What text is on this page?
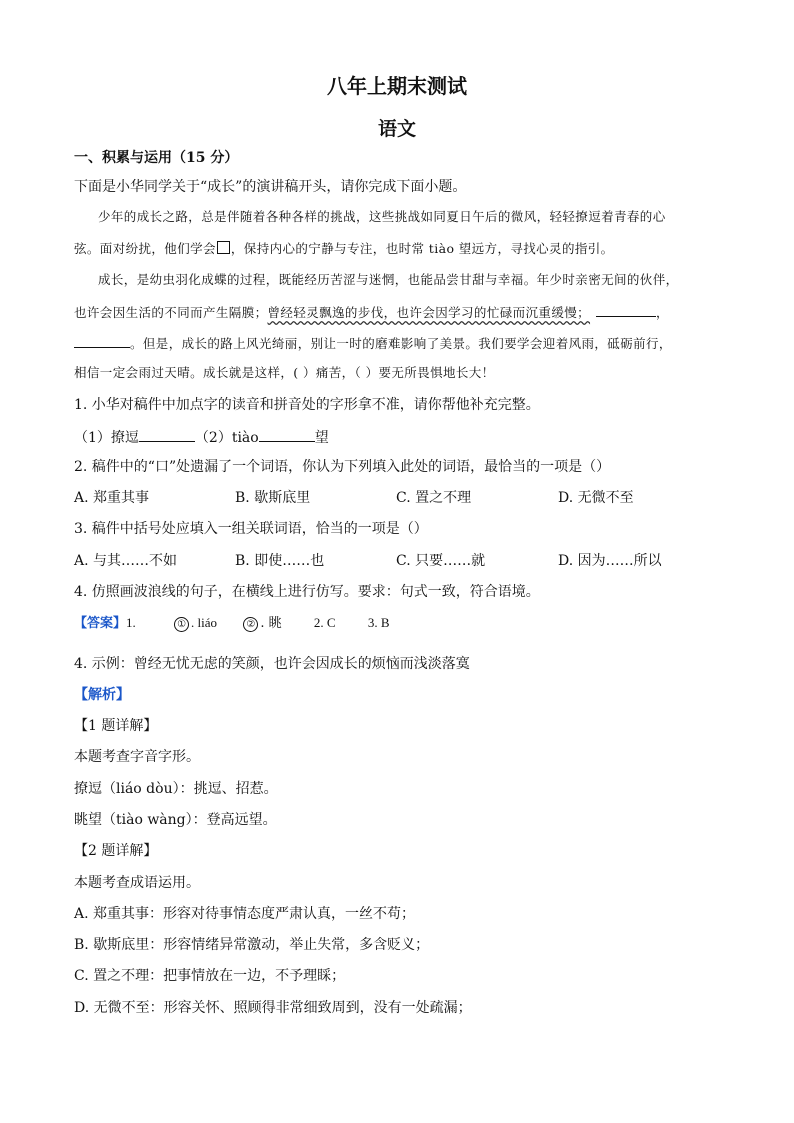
八年上期末测试
语文
一、积累与运用（15 分）
下面是小华同学关于“成长”的演讲稿开头，请你完成下面小题。
少年的成长之路，总是伴随着各种各样的挑战，这些挑战如同夏日午后的微风，轻轻撩逗着青春的心
弦。面对纷扰，他们学会 ，保持内心的宁静与专注，也时常 tiào 望远方，寻找心灵的指引。
成长，是幼虫羽化成蝶的过程，既能经历苦涩与迷惘，也能品尝甘甜与幸福。年少时亲密无间的伙伴，
也许会因生活的不同而产生隔膜；曾经轻灵飘逸的步伐，也许会因学习的忙碌而沉重缓慢；	，
。但是，成长的路上风光绮丽，别让一时的磨难影响了美景。我们要学会迎着风雨，砥砺前行，
相信一定会雨过天晴。成长就是这样，( ）痛苦，（ ）要无所畏惧地长大！
1. 小华对稿件中加点字的读音和拼音处的字形拿不准，请你帮他补充完整。
（1）撩逗	（2）tiào	望
2. 稿件中的“口”处遗漏了一个词语，你认为下列填入此处的词语，最恰当的一项是（）
A. 郑重其事	B. 歇斯底里	C. 置之不理	D. 无微不至
3. 稿件中括号处应填入一组关联词语，恰当的一项是（）
A. 与其……不如	B. 即使……也	C. 只要……就	D. 因为……所以
4. 仿照画波浪线的句子，在横线上进行仿写。要求：句式一致，符合语境。
【答案】1.	① . liáo	② . 眺 2. C 3. B
4. 示例：曾经无忧无虑的笑颜，也许会因成长的烦恼而浅淡落寞
【解析】
【1 题详解】
本题考查字音字形。
撩逗（liáo dòu）：挑逗、招惹。
眺望（tiào wàng）：登高远望。
【2 题详解】
本题考查成语运用。
A. 郑重其事：形容对待事情态度严肃认真，一丝不苟；
B. 歇斯底里：形容情绪异常激动，举止失常，多含贬义；
C. 置之不理：把事情放在一边，不予理睬；
D. 无微不至：形容关怀、照顾得非常细致周到，没有一处疏漏；
